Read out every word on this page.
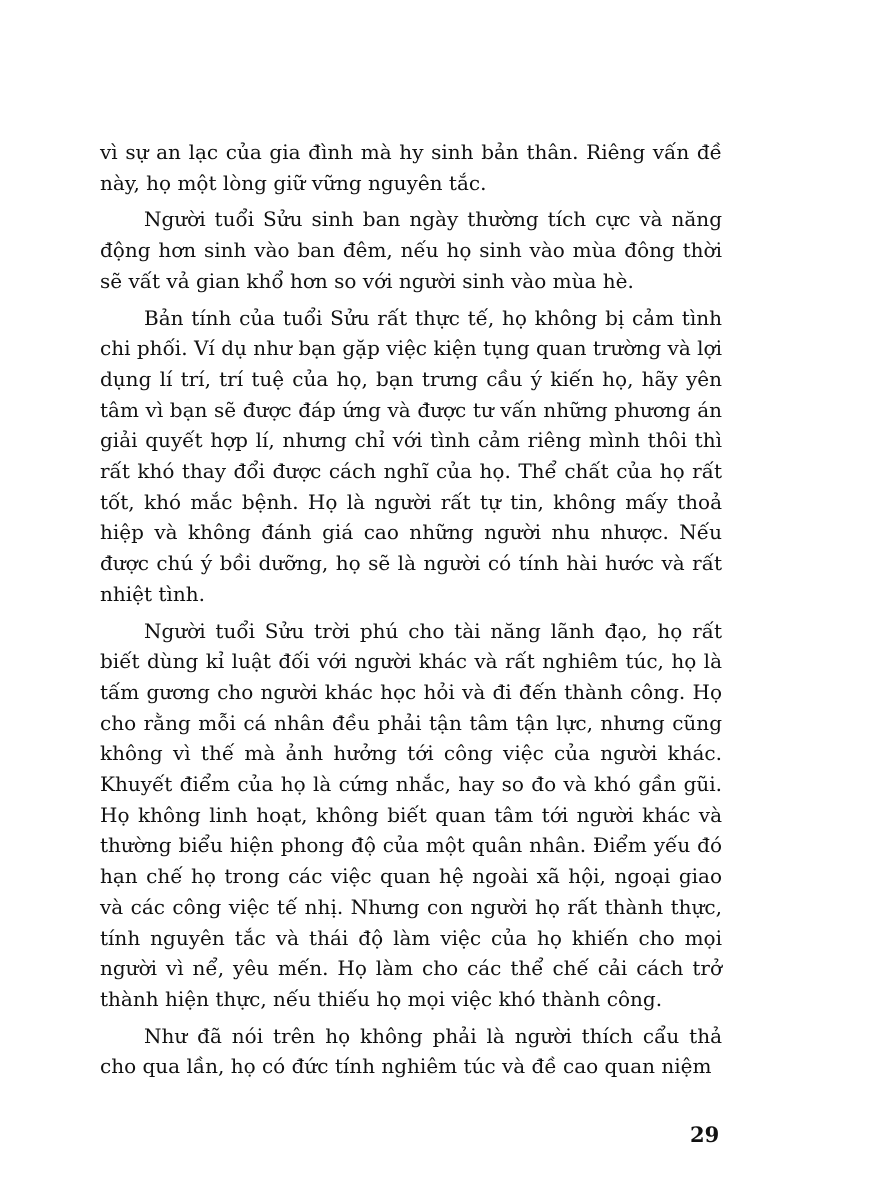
vì sự an lạc của gia đình mà hy sinh bản thân. Riêng vấn đề này, họ một lòng giữ vững nguyên tắc.

Người tuổi Sửu sinh ban ngày thường tích cực và năng động hơn sinh vào ban đêm, nếu họ sinh vào mùa đông thời sẽ vất vả gian khổ hơn so với người sinh vào mùa hè.

Bản tính của tuổi Sửu rất thực tế, họ không bị cảm tình chi phối. Ví dụ như bạn gặp việc kiện tụng quan trường và lợi dụng lí trí, trí tuệ của họ, bạn trưng cầu ý kiến họ, hãy yên tâm vì bạn sẽ được đáp ứng và được tư vấn những phương án giải quyết hợp lí, nhưng chỉ với tình cảm riêng mình thôi thì rất khó thay đổi được cách nghĩ của họ. Thể chất của họ rất tốt, khó mắc bệnh. Họ là người rất tự tin, không mấy thoả hiệp và không đánh giá cao những người nhu nhược. Nếu được chú ý bồi dưỡng, họ sẽ là người có tính hài hước và rất nhiệt tình.

Người tuổi Sửu trời phú cho tài năng lãnh đạo, họ rất biết dùng kỉ luật đối với người khác và rất nghiêm túc, họ là tấm gương cho người khác học hỏi và đi đến thành công. Họ cho rằng mỗi cá nhân đều phải tận tâm tận lực, nhưng cũng không vì thế mà ảnh hưởng tới công việc của người khác. Khuyết điểm của họ là cứng nhắc, hay so đo và khó gần gũi. Họ không linh hoạt, không biết quan tâm tới người khác và thường biểu hiện phong độ của một quân nhân. Điểm yếu đó hạn chế họ trong các việc quan hệ ngoài xã hội, ngoại giao và các công việc tế nhị. Nhưng con người họ rất thành thực, tính nguyên tắc và thái độ làm việc của họ khiến cho mọi người vì nể, yêu mến. Họ làm cho các thể chế cải cách trở thành hiện thực, nếu thiếu họ mọi việc khó thành công.

Như đã nói trên họ không phải là người thích cẩu thả cho qua lần, họ có đức tính nghiêm túc và đề cao quan niệm

29
